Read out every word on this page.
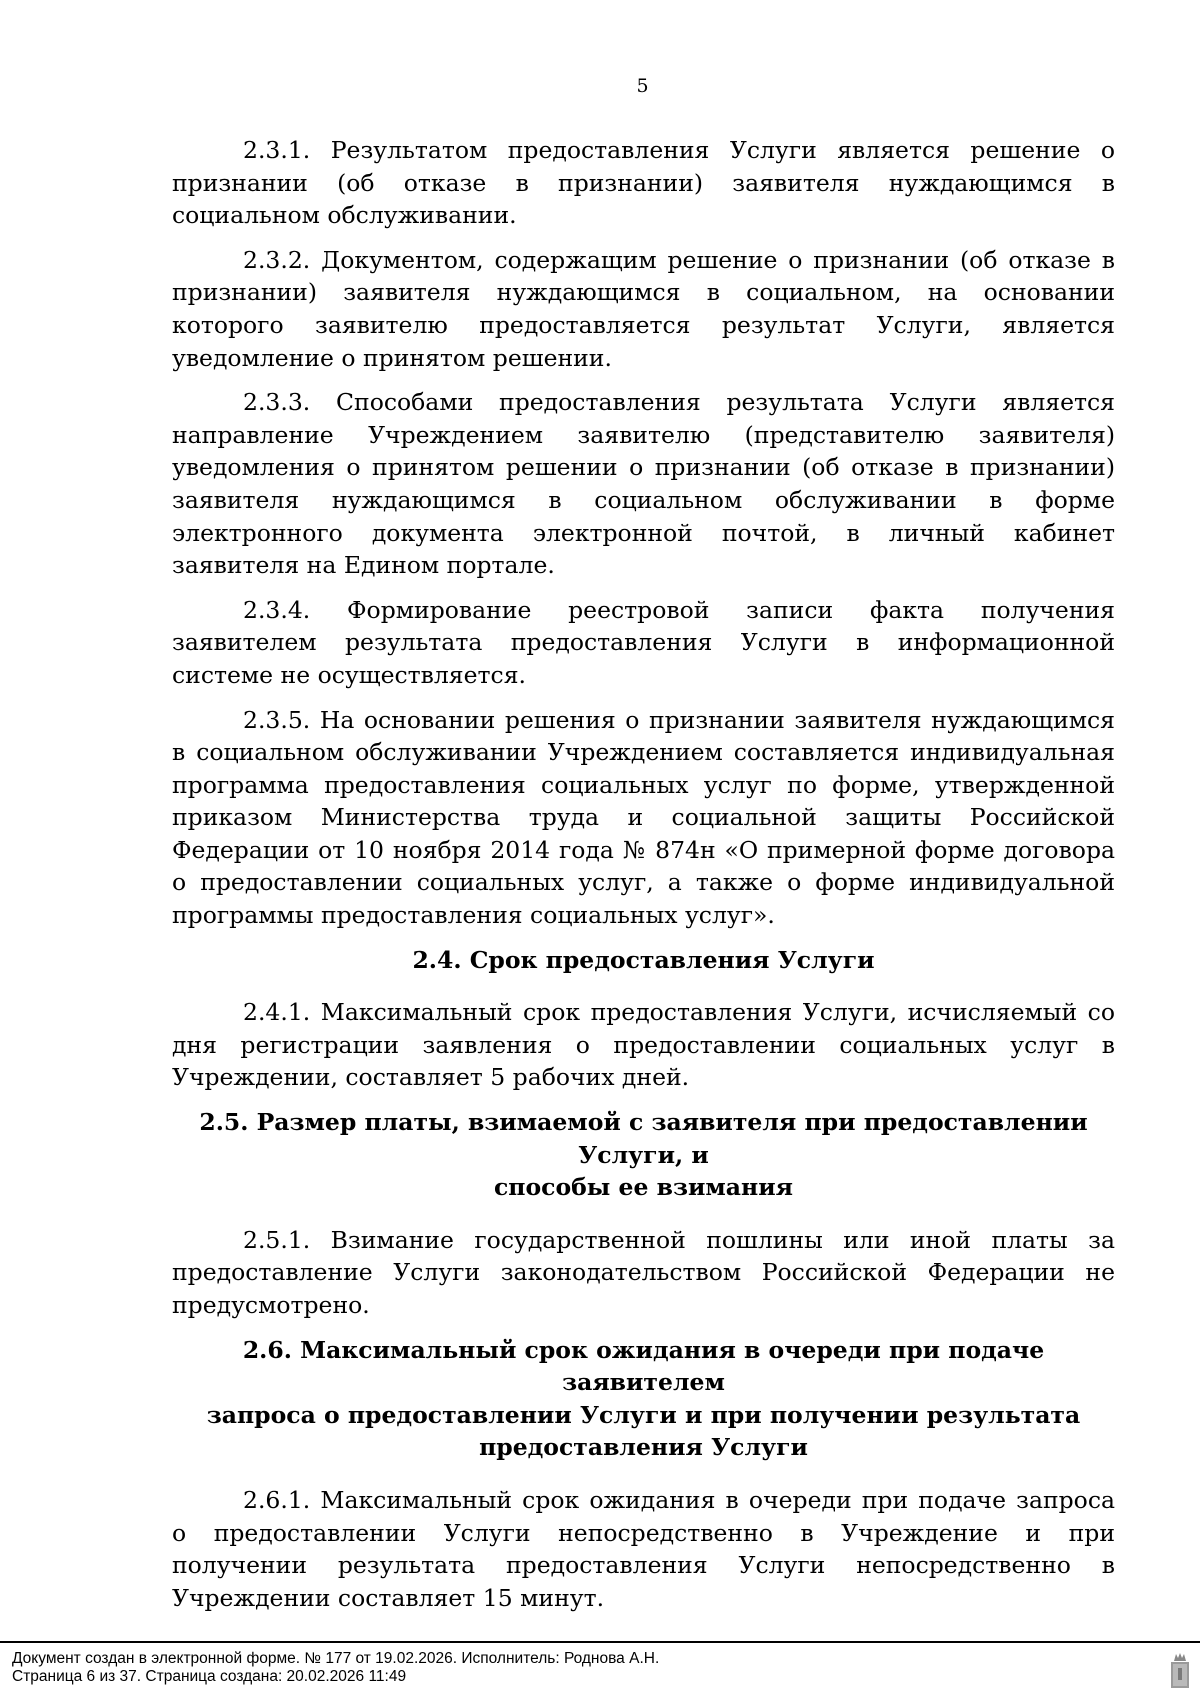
5

2.3.1. Результатом предоставления Услуги является решение о признании (об отказе в признании) заявителя нуждающимся в социальном обслуживании.

2.3.2. Документом, содержащим решение о признании (об отказе в признании) заявителя нуждающимся в социальном, на основании которого заявителю предоставляется результат Услуги, является уведомление о принятом решении.

2.3.3. Способами предоставления результата Услуги является направление Учреждением заявителю (представителю заявителя) уведомления о принятом решении о признании (об отказе в признании) заявителя нуждающимся в социальном обслуживании в форме электронного документа электронной почтой, в личный кабинет заявителя на Едином портале.

2.3.4. Формирование реестровой записи факта получения заявителем результата предоставления Услуги в информационной системе не осуществляется.

2.3.5. На основании решения о признании заявителя нуждающимся в социальном обслуживании Учреждением составляется индивидуальная программа предоставления социальных услуг по форме, утвержденной приказом Министерства труда и социальной защиты Российской Федерации от 10 ноября 2014 года № 874н «О примерной форме договора о предоставлении социальных услуг, а также о форме индивидуальной программы предоставления социальных услуг».

2.4. Срок предоставления Услуги

2.4.1. Максимальный срок предоставления Услуги, исчисляемый со дня регистрации заявления о предоставлении социальных услуг в Учреждении, составляет 5 рабочих дней.

2.5. Размер платы, взимаемой с заявителя при предоставлении Услуги, и
способы ее взимания

2.5.1. Взимание государственной пошлины или иной платы за предоставление Услуги законодательством Российской Федерации не предусмотрено.

2.6. Максимальный срок ожидания в очереди при подаче заявителем
запроса о предоставлении Услуги и при получении результата
предоставления Услуги

2.6.1. Максимальный срок ожидания в очереди при подаче запроса о предоставлении Услуги непосредственно в Учреждение и при получении результата предоставления Услуги непосредственно в Учреждении составляет 15 минут.

Документ создан в электронной форме. № 177 от 19.02.2026. Исполнитель: Роднова А.Н.
Страница 6 из 37. Страница создана: 20.02.2026 11:49
